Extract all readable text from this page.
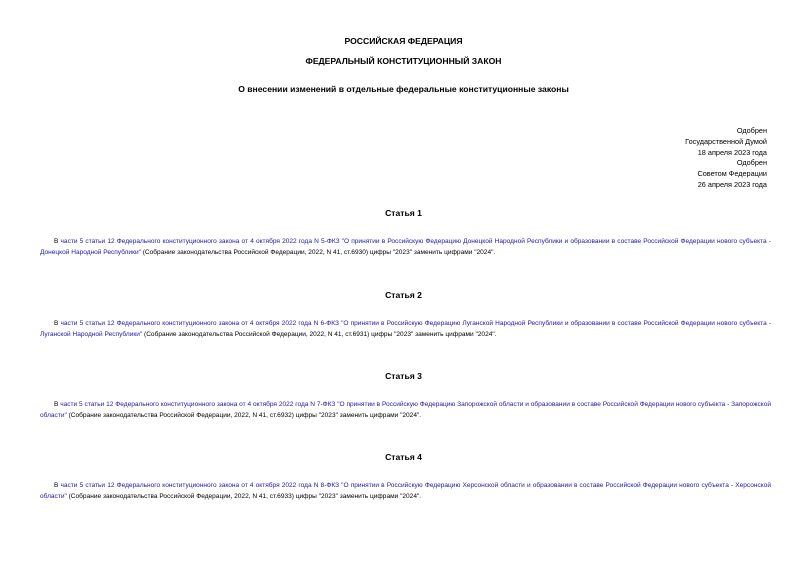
РОССИЙСКАЯ ФЕДЕРАЦИЯ
ФЕДЕРАЛЬНЫЙ КОНСТИТУЦИОННЫЙ ЗАКОН
О внесении изменений в отдельные федеральные конституционные законы
Одобрен
Государственной Думой
18 апреля 2023 года
Одобрен
Советом Федерации
26 апреля 2023 года
Статья 1
В части 5 статьи 12 Федерального конституционного закона от 4 октября 2022 года N 5-ФКЗ "О принятии в Российскую Федерацию Донецкой Народной Республики и образовании в составе Российской Федерации нового субъекта - Донецкой Народной Республики" (Собрание законодательства Российской Федерации, 2022, N 41, ст.6930) цифры "2023" заменить цифрами "2024".
Статья 2
В части 5 статьи 12 Федерального конституционного закона от 4 октября 2022 года N 6-ФКЗ "О принятии в Российскую Федерацию Луганской Народной Республики и образовании в составе Российской Федерации нового субъекта - Луганской Народной Республики" (Собрание законодательства Российской Федерации, 2022, N 41, ст.6931) цифры "2023" заменить цифрами "2024".
Статья 3
В части 5 статьи 12 Федерального конституционного закона от 4 октября 2022 года N 7-ФКЗ "О принятии в Российскую Федерацию Запорожской области и образовании в составе Российской Федерации нового субъекта - Запорожской области" (Собрание законодательства Российской Федерации, 2022, N 41, ст.6932) цифры "2023" заменить цифрами "2024".
Статья 4
В части 5 статьи 12 Федерального конституционного закона от 4 октября 2022 года N 8-ФКЗ "О принятии в Российскую Федерацию Херсонской области и образовании в составе Российской Федерации нового субъекта - Херсонской области" (Собрание законодательства Российской Федерации, 2022, N 41, ст.6933) цифры "2023" заменить цифрами "2024".
